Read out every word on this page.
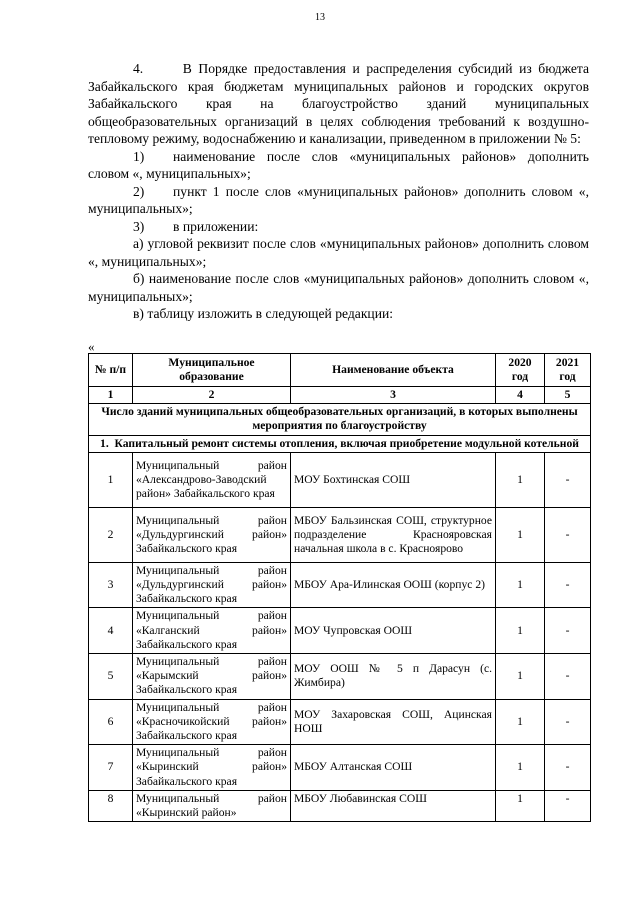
13

4.      В Порядке предоставления и распределения субсидий из бюджета Забайкальского края бюджетам муниципальных районов и городских округов Забайкальского края на благоустройство зданий муниципальных общеобразовательных организаций в целях соблюдения требований к воздушно-тепловому режиму, водоснабжению и канализации, приведенном в приложении № 5:

1) наименование после слов «муниципальных районов» дополнить словом «, муниципальных»;

2) пункт 1 после слов «муниципальных районов» дополнить словом «, муниципальных»;

3) в приложении:

а) угловой реквизит после слов «муниципальных районов» дополнить словом «, муниципальных»;

б) наименование после слов «муниципальных районов» дополнить словом «, муниципальных»;

в) таблицу изложить в следующей редакции:

«
№ п/п	Муниципальное образование	Наименование объекта	2020 год	2021 год
1	2	3	4	5
Число зданий муниципальных общеобразовательных организаций, в которых выполнены мероприятия по благоустройству				
1.  Капитальный ремонт системы отопления, включая приобретение модульной котельной				
1	Муниципальный район «Александрово-Заводский район» Забайкальского края	МОУ Бохтинская СОШ	1	-
2	Муниципальный район «Дульдургинский район» Забайкальского края	МБОУ Бальзинская СОШ, структурное подразделение Краснояровская начальная школа в с. Красноярово	1	-
3	Муниципальный район «Дульдургинский район» Забайкальского края	МБОУ Ара-Илинская ООШ (корпус 2)	1	-
4	Муниципальный район «Калганский район» Забайкальского края	МОУ Чупровская ООШ	1	-
5	Муниципальный район «Карымский район» Забайкальского края	МОУ ООШ № 5 п Дарасун (с. Жимбира)	1	-
6	Муниципальный район «Красночикойский район» Забайкальского края	МОУ Захаровская СОШ, Ацинская НОШ	1	-
7	Муниципальный район «Кыринский район» Забайкальского края	МБОУ Алтанская СОШ	1	-
8	Муниципальный район «Кыринский район»	МБОУ Любавинская СОШ	1	-
